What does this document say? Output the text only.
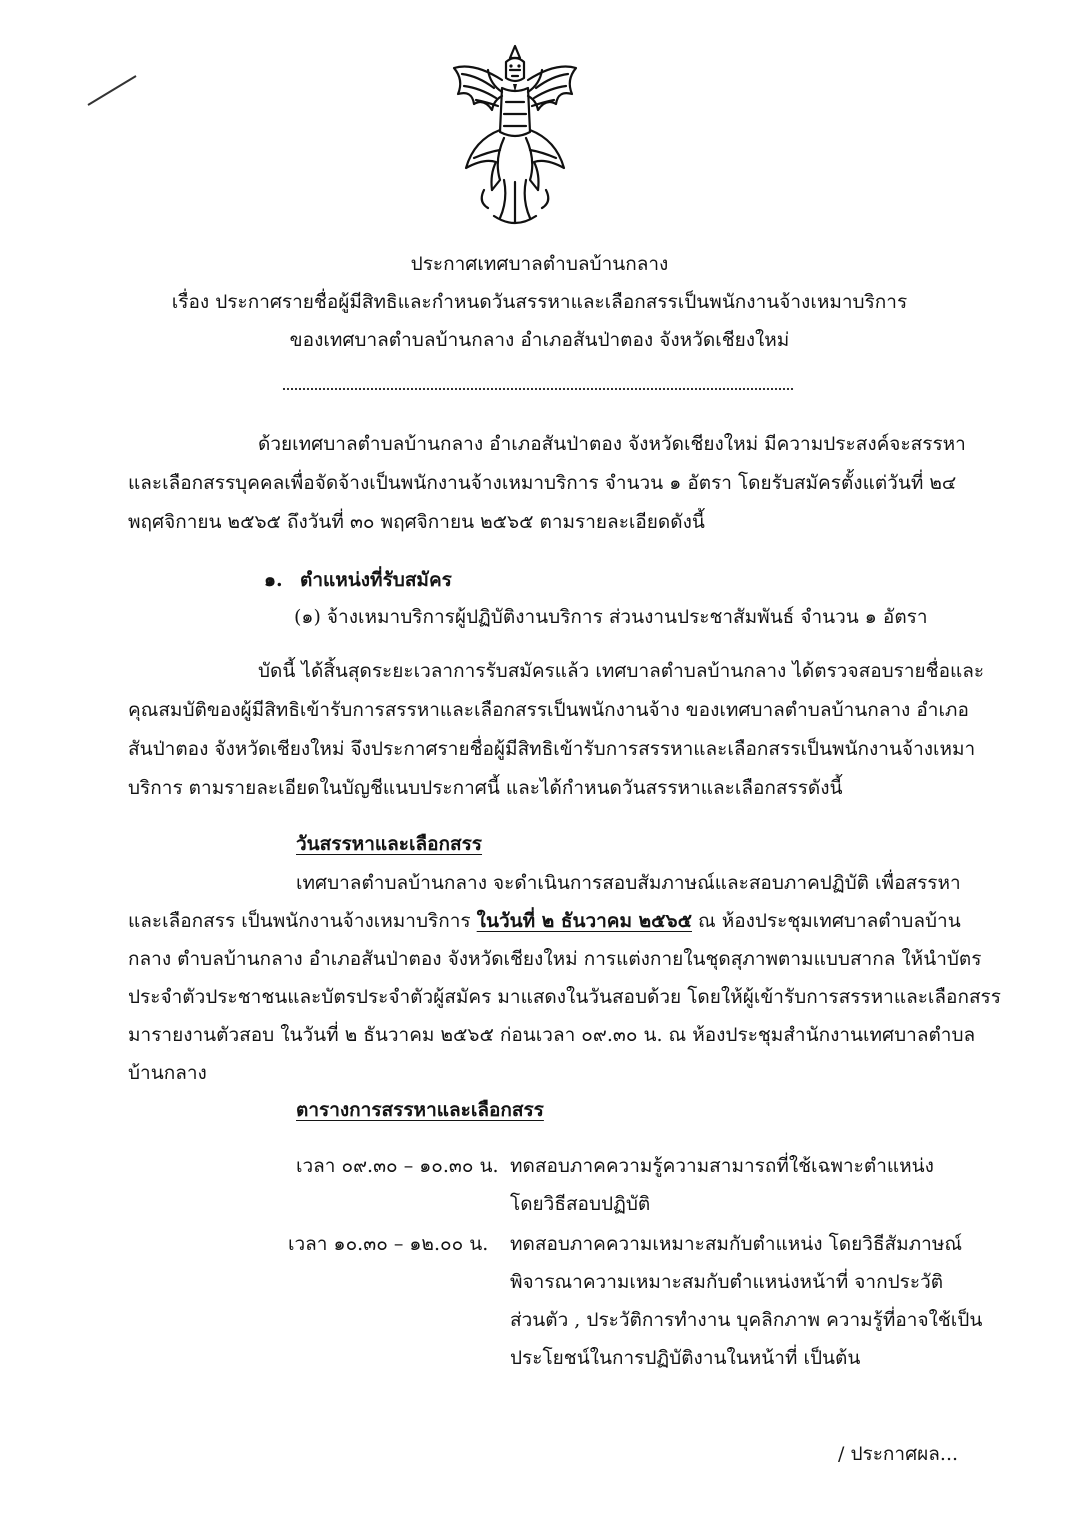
ประกาศเทศบาลตำบลบ้านกลาง
เรื่อง ประกาศรายชื่อผู้มีสิทธิและกำหนดวันสรรหาและเลือกสรรเป็นพนักงานจ้างเหมาบริการ
ของเทศบาลตำบลบ้านกลาง อำเภอสันป่าตอง จังหวัดเชียงใหม่
ด้วยเทศบาลตำบลบ้านกลาง อำเภอสันป่าตอง จังหวัดเชียงใหม่ มีความประสงค์จะสรรหา
และเลือกสรรบุคคลเพื่อจัดจ้างเป็นพนักงานจ้างเหมาบริการ จำนวน ๑ อัตรา โดยรับสมัครตั้งแต่วันที่ ๒๔
พฤศจิกายน ๒๕๖๕ ถึงวันที่ ๓๐ พฤศจิกายน ๒๕๖๕ ตามรายละเอียดดังนี้
๑. ตำแหน่งที่รับสมัคร
(๑) จ้างเหมาบริการผู้ปฏิบัติงานบริการ ส่วนงานประชาสัมพันธ์ จำนวน ๑ อัตรา
บัดนี้ ได้สิ้นสุดระยะเวลาการรับสมัครแล้ว เทศบาลตำบลบ้านกลาง ได้ตรวจสอบรายชื่อและ
คุณสมบัติของผู้มีสิทธิเข้ารับการสรรหาและเลือกสรรเป็นพนักงานจ้าง ของเทศบาลตำบลบ้านกลาง อำเภอ
สันป่าตอง จังหวัดเชียงใหม่ จึงประกาศรายชื่อผู้มีสิทธิเข้ารับการสรรหาและเลือกสรรเป็นพนักงานจ้างเหมา
บริการ ตามรายละเอียดในบัญชีแนบประกาศนี้ และได้กำหนดวันสรรหาและเลือกสรรดังนี้
วันสรรหาและเลือกสรร
เทศบาลตำบลบ้านกลาง จะดำเนินการสอบสัมภาษณ์และสอบภาคปฏิบัติ เพื่อสรรหา
และเลือกสรร เป็นพนักงานจ้างเหมาบริการ ในวันที่ ๒ ธันวาคม ๒๕๖๕ ณ ห้องประชุมเทศบาลตำบลบ้าน
กลาง ตำบลบ้านกลาง อำเภอสันป่าตอง จังหวัดเชียงใหม่ การแต่งกายในชุดสุภาพตามแบบสากล ให้นำบัตร
ประจำตัวประชาชนและบัตรประจำตัวผู้สมัคร มาแสดงในวันสอบด้วย โดยให้ผู้เข้ารับการสรรหาและเลือกสรร
มารายงานตัวสอบ ในวันที่ ๒ ธันวาคม ๒๕๖๕ ก่อนเวลา ๐๙.๓๐ น. ณ ห้องประชุมสำนักงานเทศบาลตำบล
บ้านกลาง
ตารางการสรรหาและเลือกสรร
เวลา ๐๙.๓๐ – ๑๐.๓๐ น. ทดสอบภาคความรู้ความสามารถที่ใช้เฉพาะตำแหน่ง
โดยวิธีสอบปฏิบัติ
เวลา ๑๐.๓๐ – ๑๒.๐๐ น. ทดสอบภาคความเหมาะสมกับตำแหน่ง โดยวิธีสัมภาษณ์
พิจารณาความเหมาะสมกับตำแหน่งหน้าที่ จากประวัติ
ส่วนตัว , ประวัติการทำงาน บุคลิกภาพ ความรู้ที่อาจใช้เป็น
ประโยชน์ในการปฏิบัติงานในหน้าที่ เป็นต้น
/ ประกาศผล...
